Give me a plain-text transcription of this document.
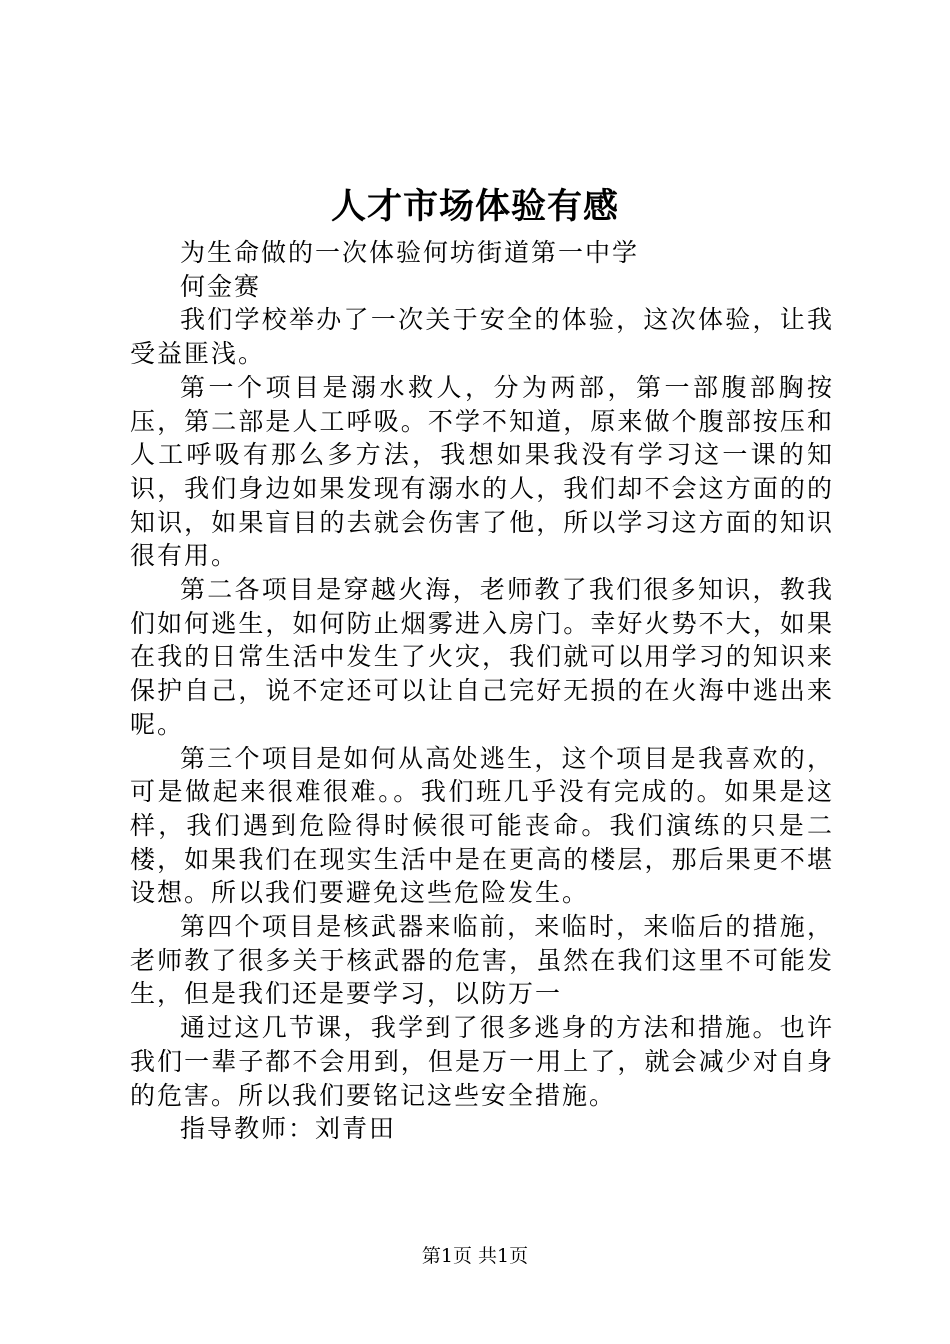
人才市场体验有感

为生命做的一次体验何坊街道第一中学

何金赛

我们学校举办了一次关于安全的体验，这次体验，让我受益匪浅。

第一个项目是溺水救人，分为两部，第一部腹部胸按压，第二部是人工呼吸。不学不知道，原来做个腹部按压和人工呼吸有那么多方法，我想如果我没有学习这一课的知识，我们身边如果发现有溺水的人，我们却不会这方面的的知识，如果盲目的去就会伤害了他，所以学习这方面的知识很有用。

第二各项目是穿越火海，老师教了我们很多知识，教我们如何逃生，如何防止烟雾进入房门。幸好火势不大，如果在我的日常生活中发生了火灾，我们就可以用学习的知识来保护自己，说不定还可以让自己完好无损的在火海中逃出来呢。

第三个项目是如何从高处逃生，这个项目是我喜欢的，可是做起来很难很难。。我们班几乎没有完成的。如果是这样，我们遇到危险得时候很可能丧命。我们演练的只是二楼，如果我们在现实生活中是在更高的楼层，那后果更不堪设想。所以我们要避免这些危险发生。

第四个项目是核武器来临前，来临时，来临后的措施，老师教了很多关于核武器的危害，虽然在我们这里不可能发生，但是我们还是要学习，以防万一

通过这几节课，我学到了很多逃身的方法和措施。也许我们一辈子都不会用到，但是万一用上了，就会减少对自身的危害。所以我们要铭记这些安全措施。

指导教师：刘青田

第1页 共1页
